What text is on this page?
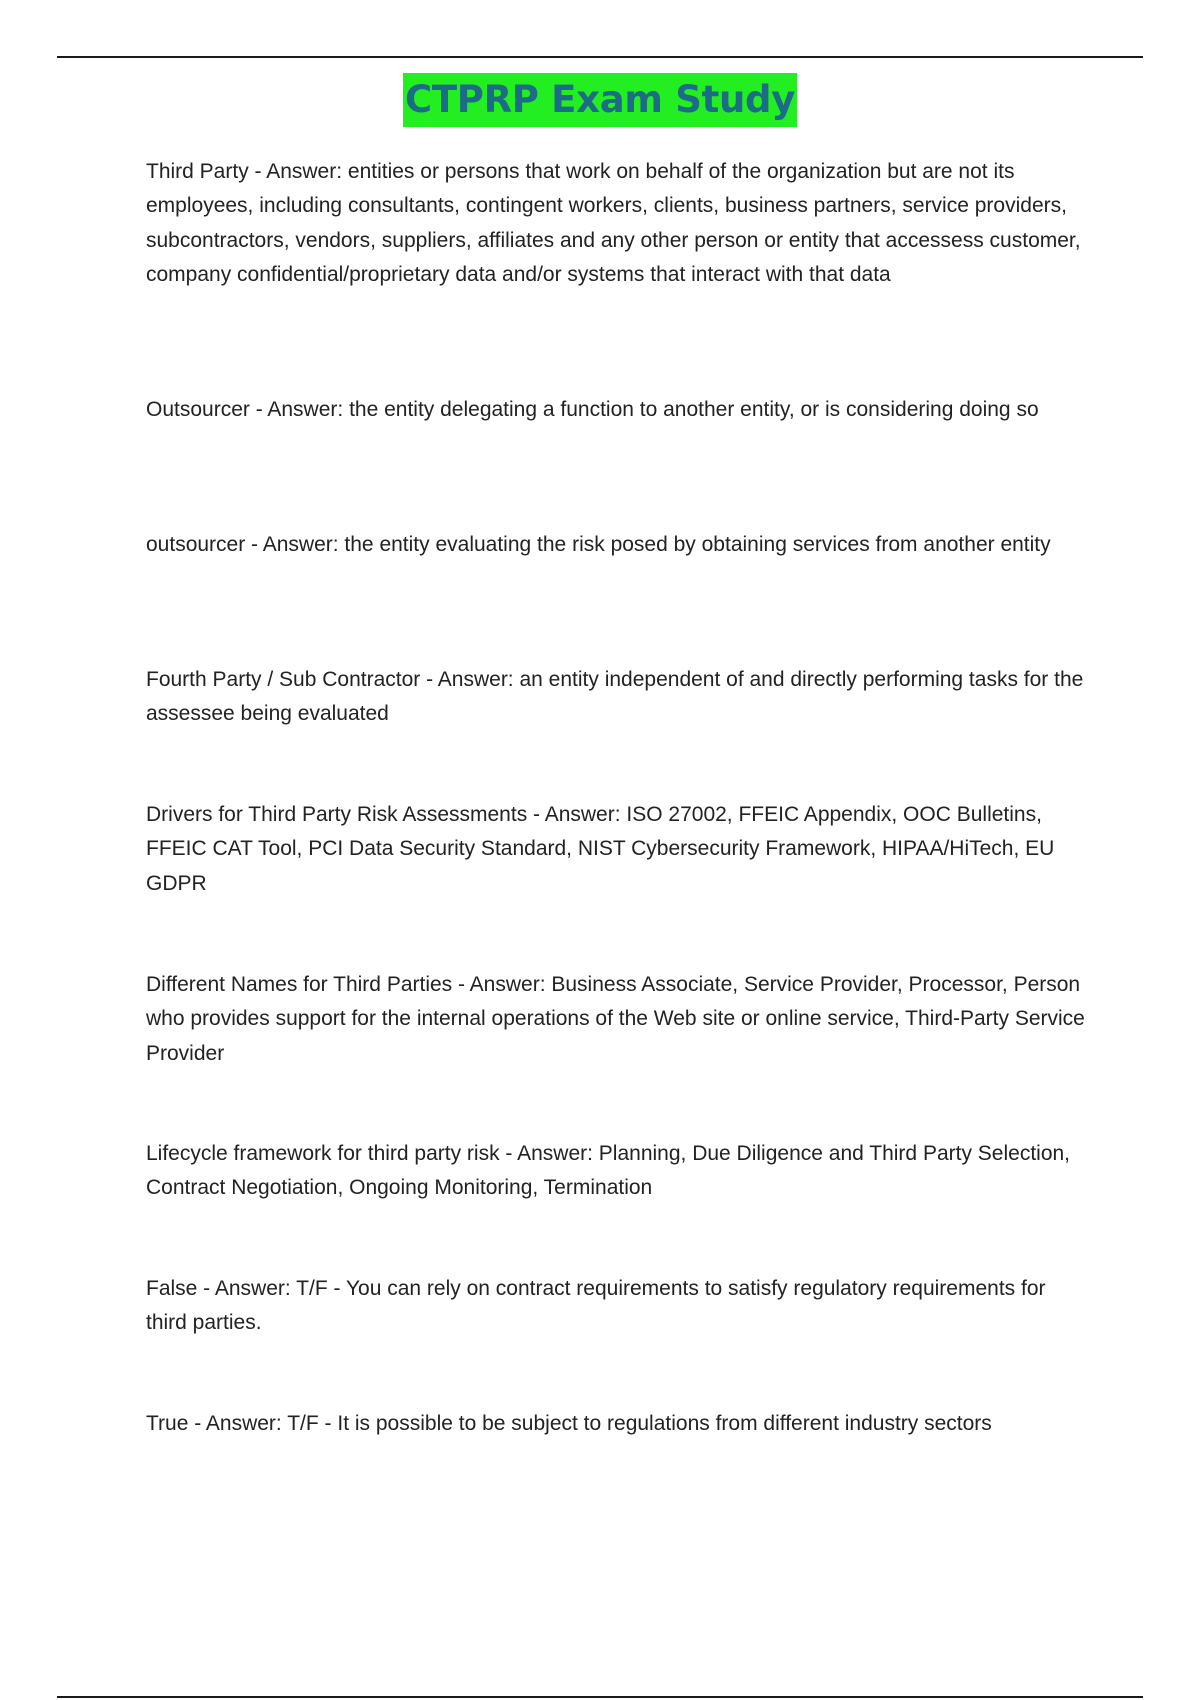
CTPRP Exam Study

Third Party - Answer: entities or persons that work on behalf of the organization but are not its employees, including consultants, contingent workers, clients, business partners, service providers, subcontractors, vendors, suppliers, affiliates and any other person or entity that accessess customer, company confidential/proprietary data and/or systems that interact with that data

Outsourcer - Answer: the entity delegating a function to another entity, or is considering doing so

outsourcer - Answer: the entity evaluating the risk posed by obtaining services from another entity

Fourth Party / Sub Contractor - Answer: an entity independent of and directly performing tasks for the assessee being evaluated

Drivers for Third Party Risk Assessments - Answer: ISO 27002, FFEIC Appendix, OOC Bulletins, FFEIC CAT Tool, PCI Data Security Standard, NIST Cybersecurity Framework, HIPAA/HiTech, EU GDPR

Different Names for Third Parties - Answer: Business Associate, Service Provider, Processor, Person who provides support for the internal operations of the Web site or online service, Third-Party Service Provider

Lifecycle framework for third party risk - Answer: Planning, Due Diligence and Third Party Selection, Contract Negotiation, Ongoing Monitoring, Termination

False - Answer: T/F - You can rely on contract requirements to satisfy regulatory requirements for third parties.

True - Answer: T/F - It is possible to be subject to regulations from different industry sectors
